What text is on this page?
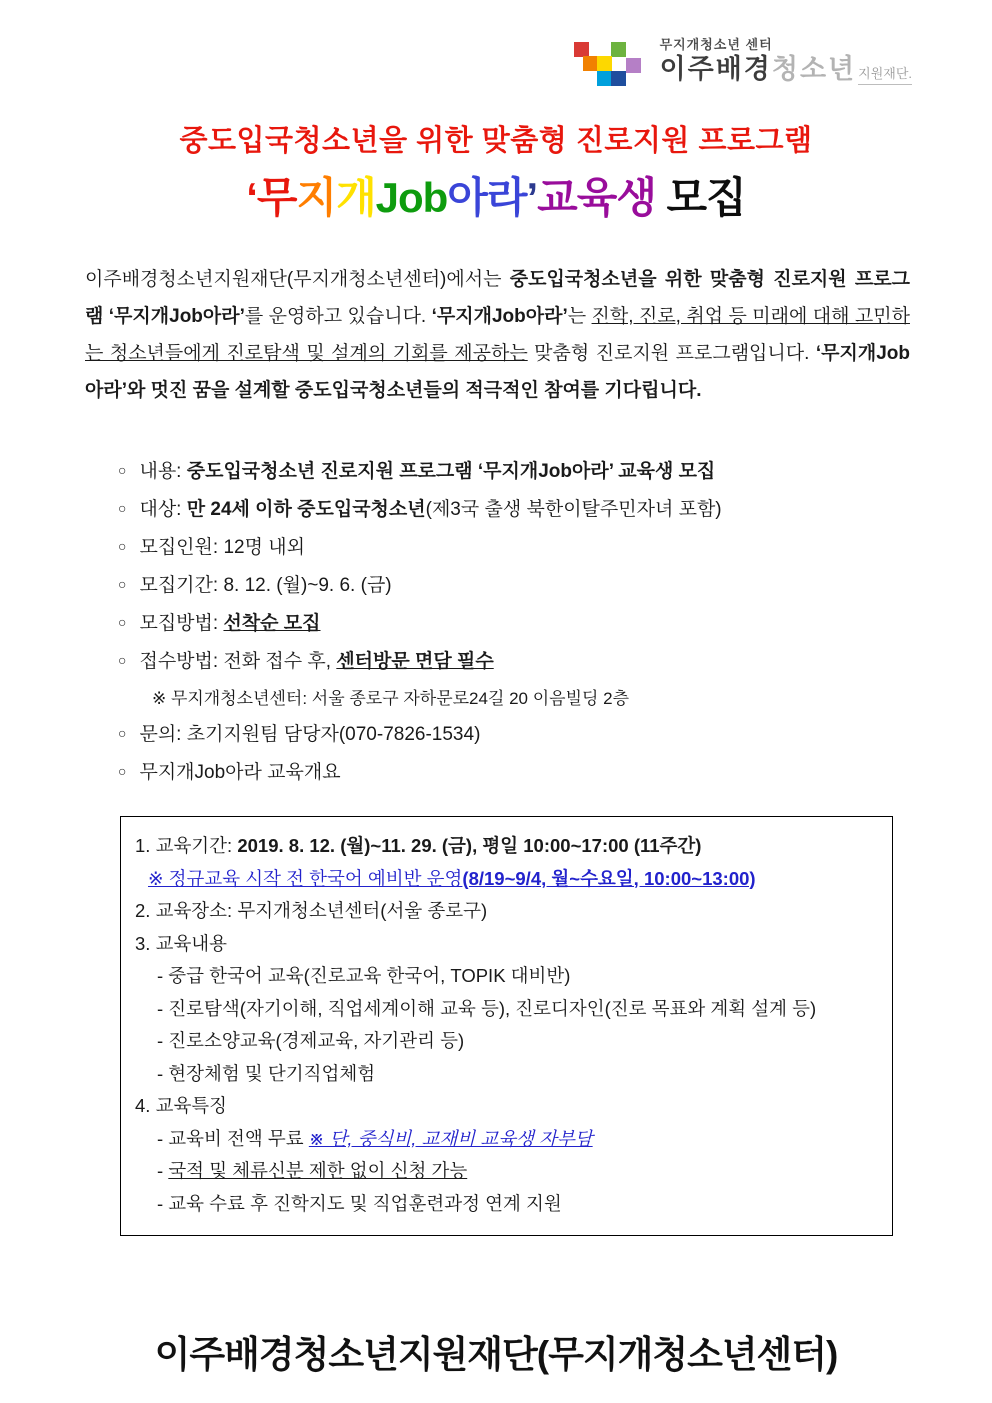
무지개청소년 센터
이주배경청소년 지원재단.
중도입국청소년을 위한 맞춤형 진로지원 프로그램
‘무지개Job아라’교육생 모집
이주배경청소년지원재단(무지개청소년센터)에서는 중도입국청소년을 위한 맞춤형 진로지원 프로그램 ‘무지개Job아라’를 운영하고 있습니다. ‘무지개Job아라’는 진학, 진로, 취업 등 미래에 대해 고민하는 청소년들에게 진로탐색 및 설계의 기회를 제공하는 맞춤형 진로지원 프로그램입니다. ‘무지개Job아라’와 멋진 꿈을 설계할 중도입국청소년들의 적극적인 참여를 기다립니다.
○ 내용: 중도입국청소년 진로지원 프로그램 ‘무지개Job아라’ 교육생 모집
○ 대상: 만 24세 이하 중도입국청소년(제3국 출생 북한이탈주민자녀 포함)
○ 모집인원: 12명 내외
○ 모집기간: 8. 12. (월)~9. 6. (금)
○ 모집방법: 선착순 모집
○ 접수방법: 전화 접수 후, 센터방문 면담 필수
※ 무지개청소년센터: 서울 종로구 자하문로24길 20 이음빌딩 2층
○ 문의: 초기지원팀 담당자(070-7826-1534)
○ 무지개Job아라 교육개요
1. 교육기간: 2019. 8. 12. (월)~11. 29. (금), 평일 10:00~17:00 (11주간)
※ 정규교육 시작 전 한국어 예비반 운영(8/19~9/4, 월~수요일, 10:00~13:00)
2. 교육장소: 무지개청소년센터(서울 종로구)
3. 교육내용
- 중급 한국어 교육(진로교육 한국어, TOPIK 대비반)
- 진로탐색(자기이해, 직업세계이해 교육 등), 진로디자인(진로 목표와 계획 설계 등)
- 진로소양교육(경제교육, 자기관리 등)
- 현장체험 및 단기직업체험
4. 교육특징
- 교육비 전액 무료 ※ 단, 중식비, 교재비 교육생 자부담
- 국적 및 체류신분 제한 없이 신청 가능
- 교육 수료 후 진학지도 및 직업훈련과정 연계 지원
이주배경청소년지원재단(무지개청소년센터)
